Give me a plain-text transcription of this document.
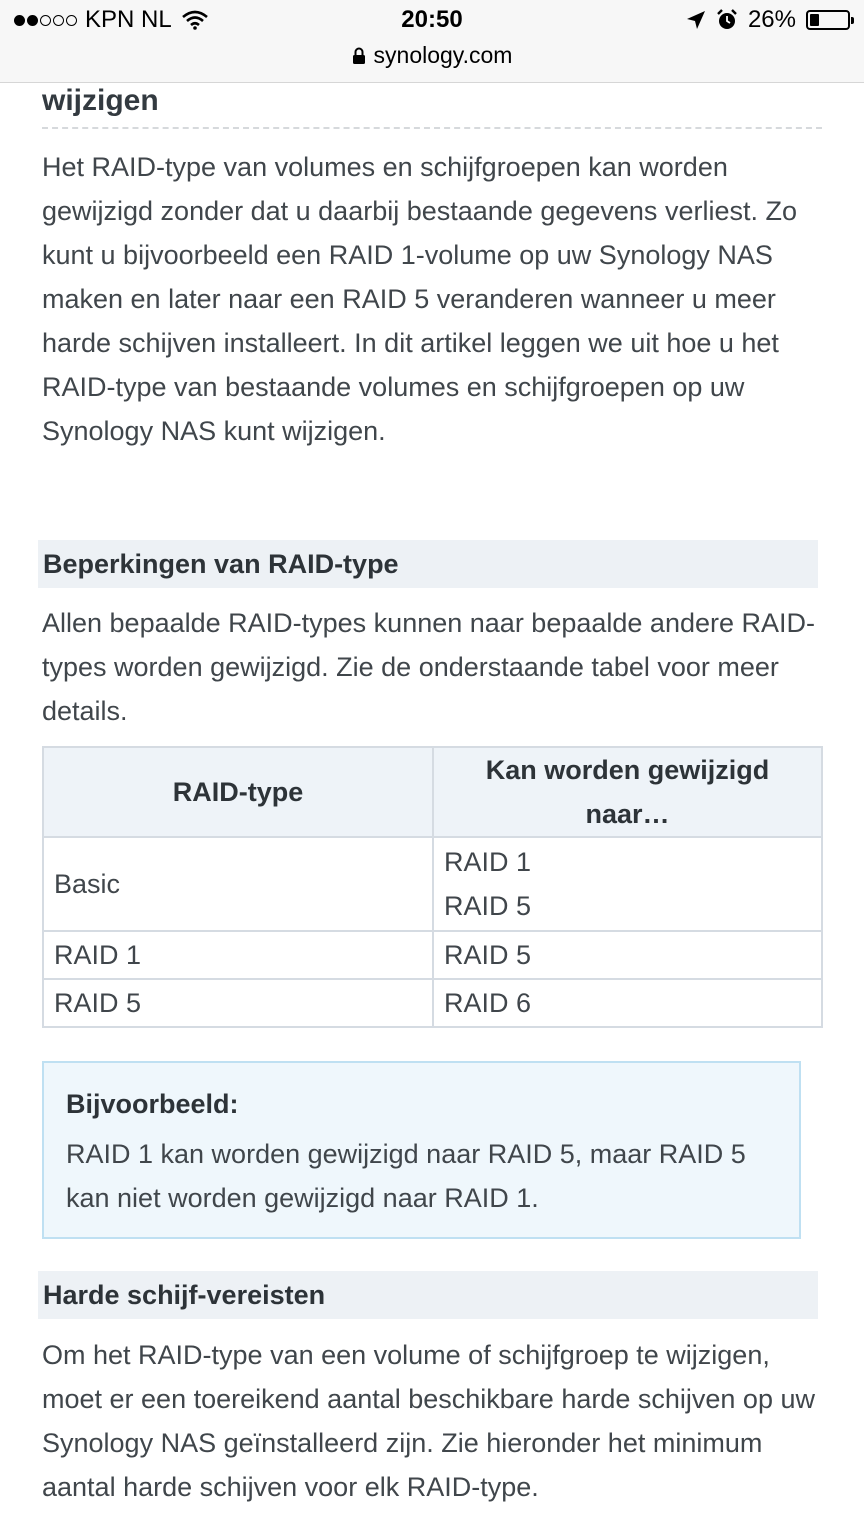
KPN NL	20:50	26%
synology.com
wijzigen

Het RAID-type van volumes en schijfgroepen kan worden gewijzigd zonder dat u daarbij bestaande gegevens verliest. Zo kunt u bijvoorbeeld een RAID 1-volume op uw Synology NAS maken en later naar een RAID 5 veranderen wanneer u meer harde schijven installeert. In dit artikel leggen we uit hoe u het RAID-type van bestaande volumes en schijfgroepen op uw Synology NAS kunt wijzigen.

Beperkingen van RAID-type

Allen bepaalde RAID-types kunnen naar bepaalde andere RAID-types worden gewijzigd. Zie de onderstaande tabel voor meer details.

RAID-type	Kan worden gewijzigd naar…
Basic	RAID 1
RAID 5

RAID 1	RAID 5
RAID 5	RAID 6
Bijvoorbeeld:
RAID 1 kan worden gewijzigd naar RAID 5, maar RAID 5 kan niet worden gewijzigd naar RAID 1.
Harde schijf-vereisten

Om het RAID-type van een volume of schijfgroep te wijzigen, moet er een toereikend aantal beschikbare harde schijven op uw Synology NAS geïnstalleerd zijn. Zie hieronder het minimum aantal harde schijven voor elk RAID-type.
